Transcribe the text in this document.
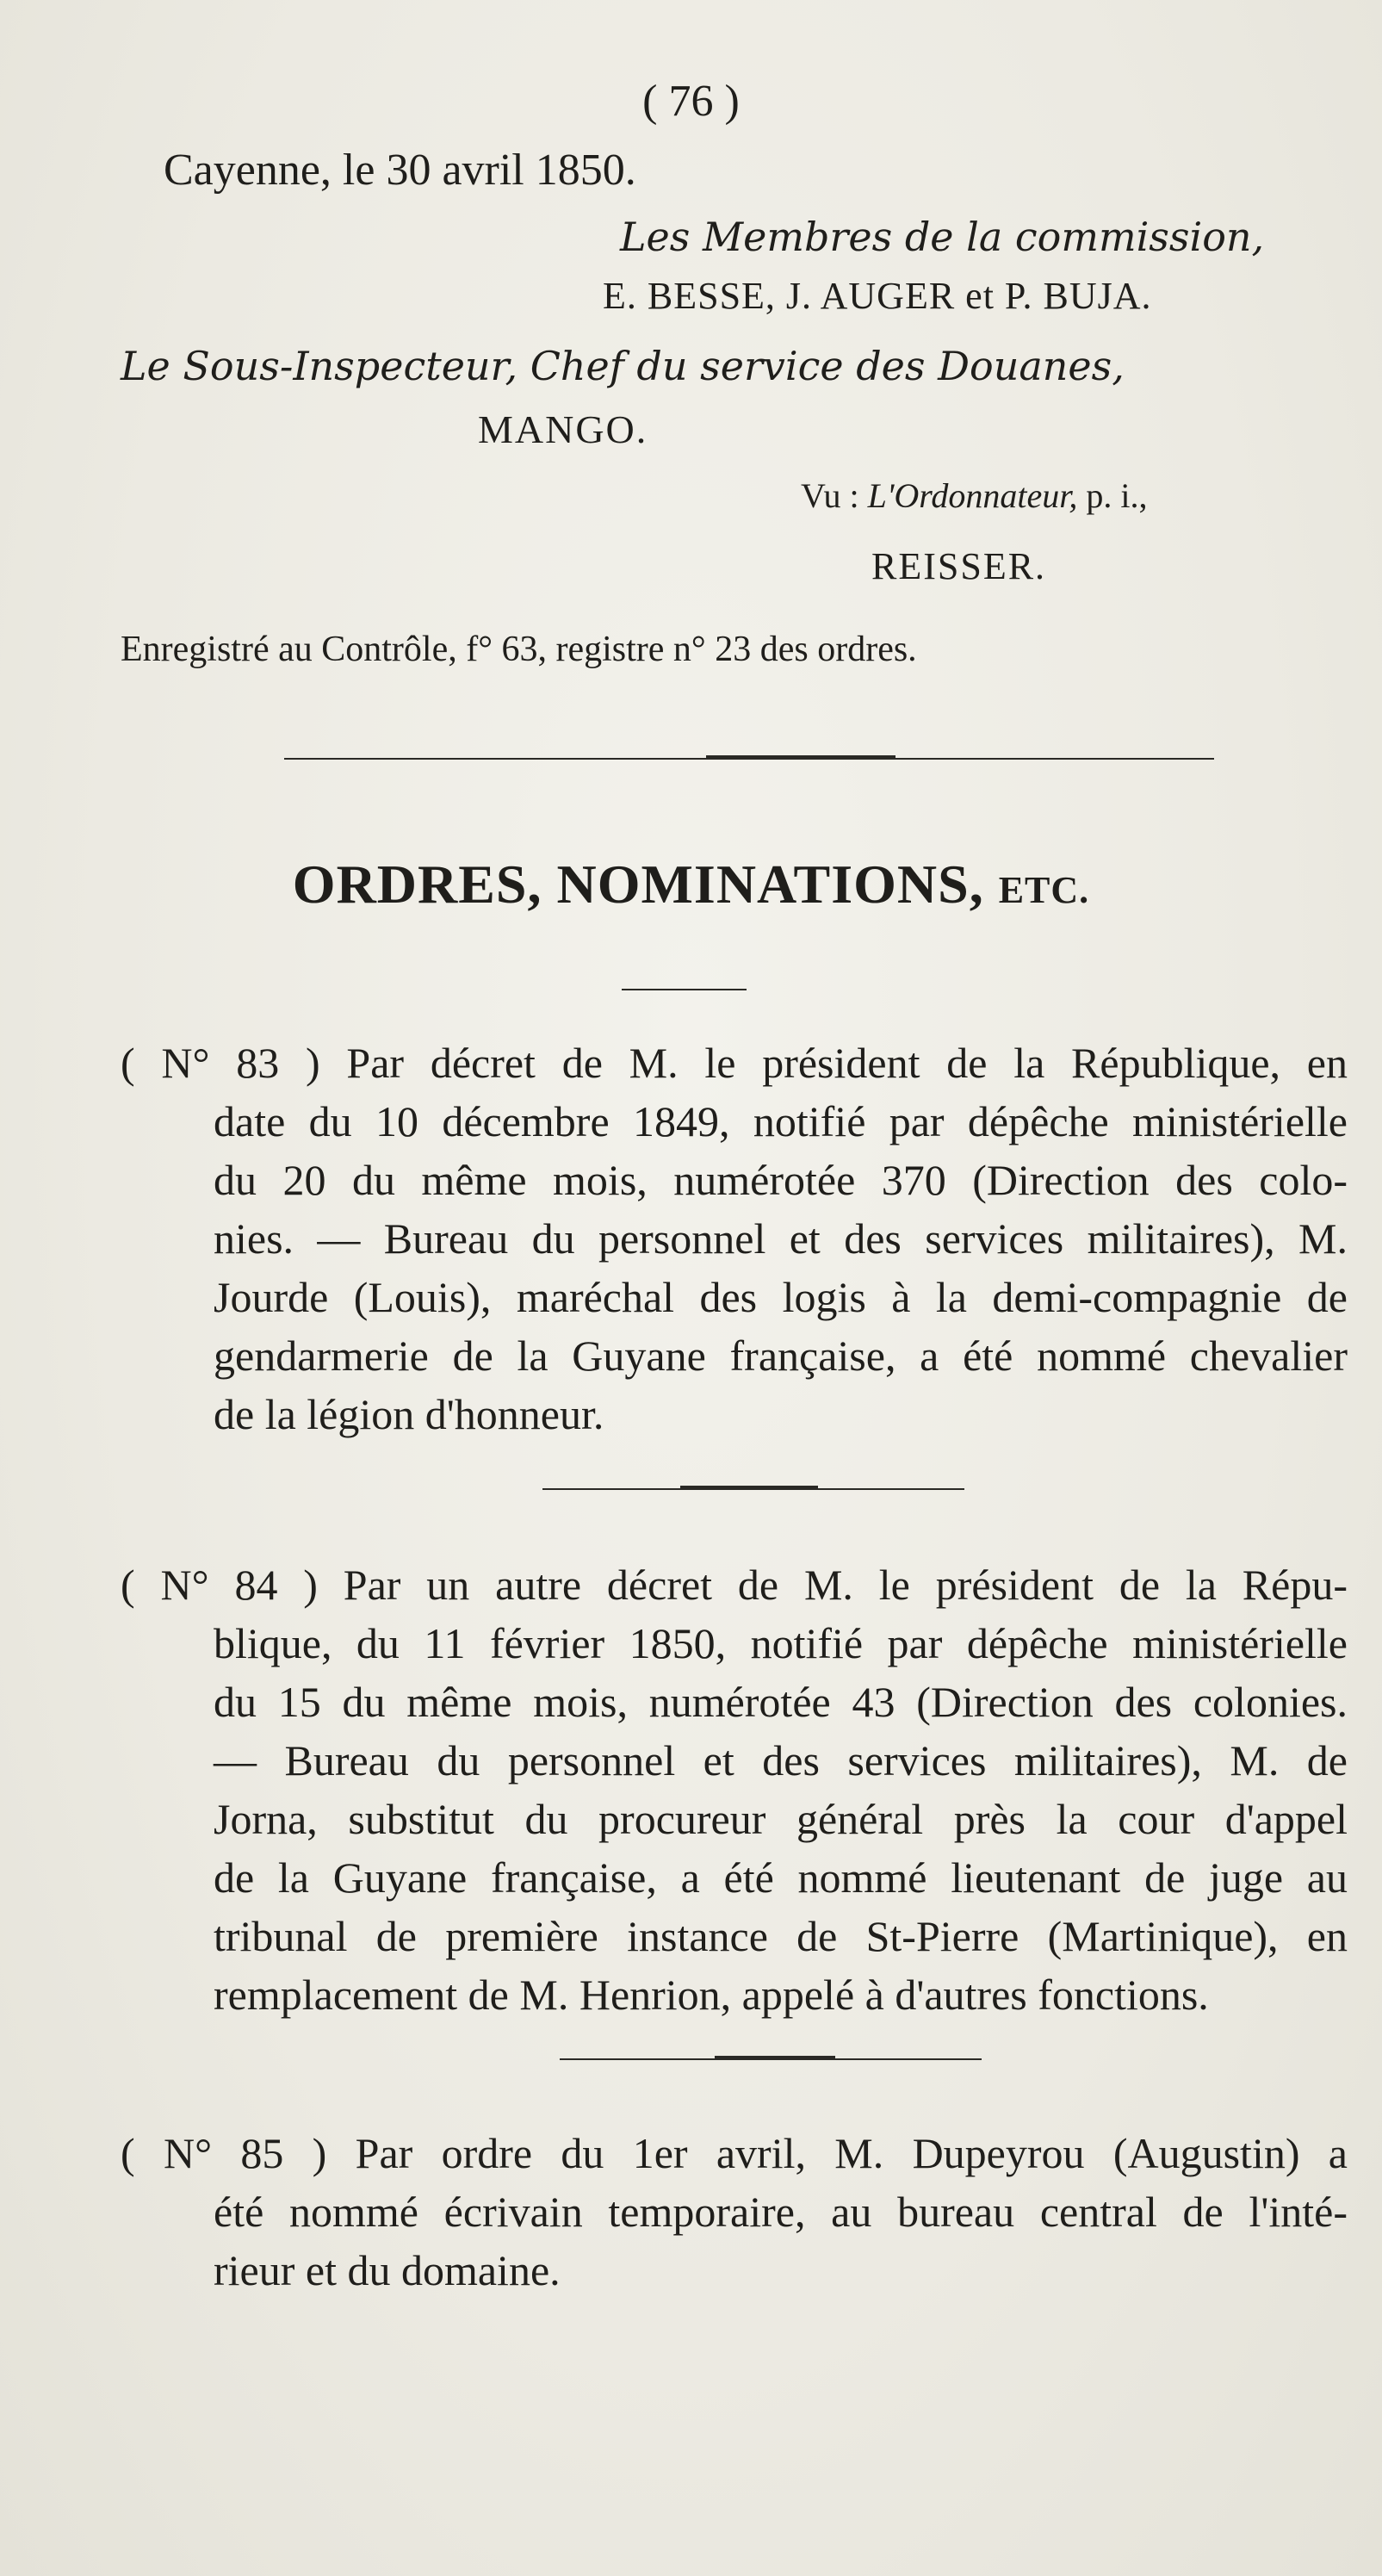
( 76 )
Cayenne, le 30 avril 1850.
Les Membres de la commission,
E. BESSE, J. AUGER et P. BUJA.
Le Sous-Inspecteur, Chef du service des Douanes,
MANGO.
Vu : L'Ordonnateur, p. i.,
REISSER.
Enregistré au Contrôle, f° 63, registre n° 23 des ordres.
ORDRES, NOMINATIONS, ETC.
( N° 83 ) Par décret de M. le président de la République, en
date du 10 décembre 1849, notifié par dépêche ministérielle
du 20 du même mois, numérotée 370 (Direction des colo-
nies. — Bureau du personnel et des services militaires), M.
Jourde (Louis), maréchal des logis à la demi-compagnie de
gendarmerie de la Guyane française, a été nommé chevalier
de la légion d'honneur.
( N° 84 ) Par un autre décret de M. le président de la Répu-
blique, du 11 février 1850, notifié par dépêche ministérielle
du 15 du même mois, numérotée 43 (Direction des colonies.
— Bureau du personnel et des services militaires), M. de
Jorna, substitut du procureur général près la cour d'appel
de la Guyane française, a été nommé lieutenant de juge au
tribunal de première instance de St-Pierre (Martinique), en
remplacement de M. Henrion, appelé à d'autres fonctions.
( N° 85 ) Par ordre du 1er avril, M. Dupeyrou (Augustin) a
été nommé écrivain temporaire, au bureau central de l'inté-
rieur et du domaine.
